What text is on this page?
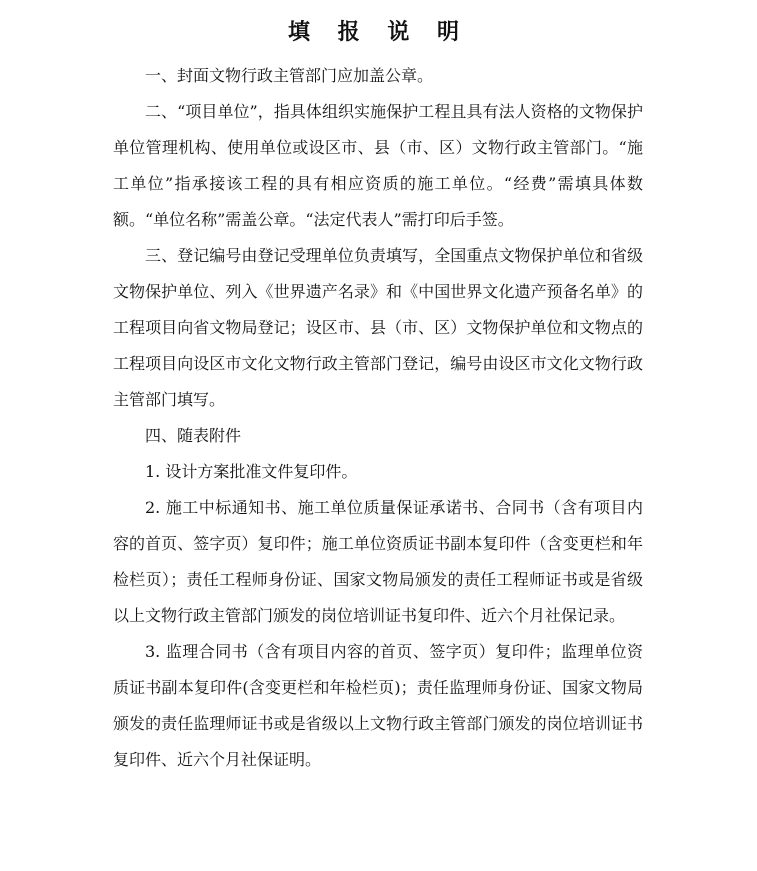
填 报 说 明

一、封面文物行政主管部门应加盖公章。

二、“项目单位”，指具体组织实施保护工程且具有法人资格的文物保护单位管理机构、使用单位或设区市、县（市、区）文物行政主管部门。“施工单位”指承接该工程的具有相应资质的施工单位。“经费”需填具体数额。“单位名称”需盖公章。“法定代表人”需打印后手签。

三、登记编号由登记受理单位负责填写，全国重点文物保护单位和省级文物保护单位、列入《世界遗产名录》和《中国世界文化遗产预备名单》的工程项目向省文物局登记；设区市、县（市、区）文物保护单位和文物点的工程项目向设区市文化文物行政主管部门登记，编号由设区市文化文物行政主管部门填写。

四、随表附件

1. 设计方案批准文件复印件。

2. 施工中标通知书、施工单位质量保证承诺书、合同书（含有项目内容的首页、签字页）复印件；施工单位资质证书副本复印件（含变更栏和年检栏页）；责任工程师身份证、国家文物局颁发的责任工程师证书或是省级以上文物行政主管部门颁发的岗位培训证书复印件、近六个月社保记录。

3. 监理合同书（含有项目内容的首页、签字页）复印件；监理单位资质证书副本复印件(含变更栏和年检栏页)；责任监理师身份证、国家文物局颁发的责任监理师证书或是省级以上文物行政主管部门颁发的岗位培训证书复印件、近六个月社保证明。
